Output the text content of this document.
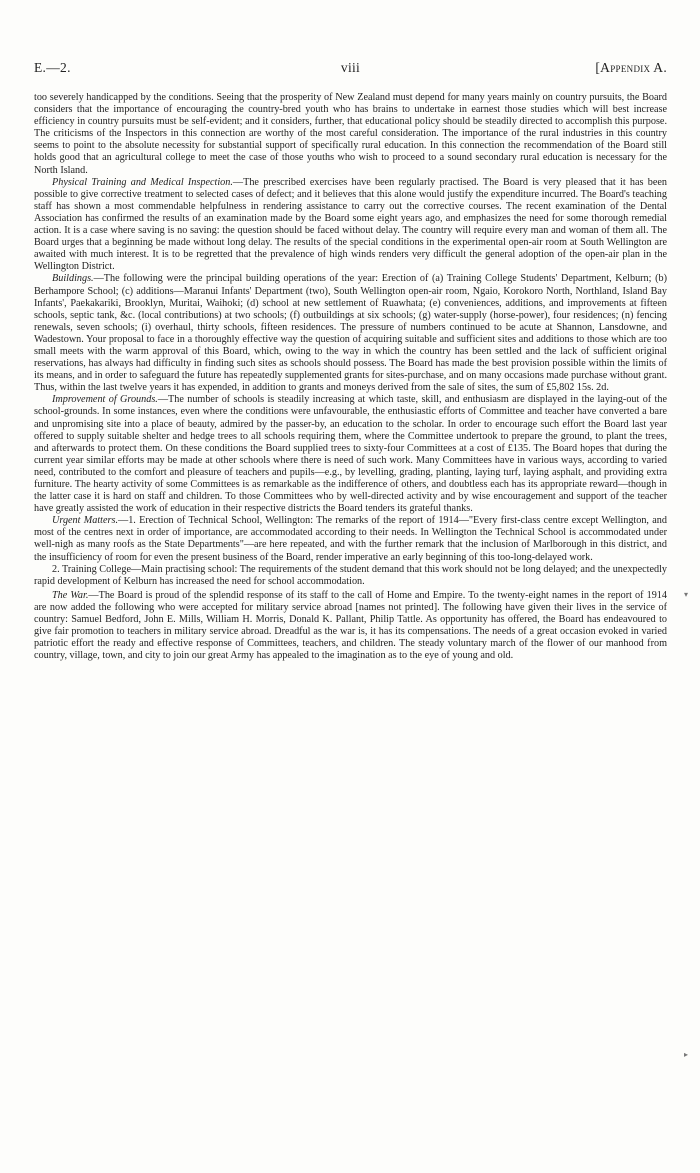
E.—2.	viii	[Appendix A.

too severely handicapped by the conditions. Seeing that the prosperity of New Zealand must depend for many years mainly on country pursuits, the Board considers that the importance of encouraging the country-bred youth who has brains to undertake in earnest those studies which will best increase efficiency in country pursuits must be self-evident; and it considers, further, that educational policy should be steadily directed to accomplish this purpose. The criticisms of the Inspectors in this connection are worthy of the most careful consideration. The importance of the rural industries in this country seems to point to the absolute necessity for substantial support of specifically rural education. In this connection the recommendation of the Board still holds good that an agricultural college to meet the case of those youths who wish to proceed to a sound secondary rural education is necessary for the North Island.

Physical Training and Medical Inspection.—The prescribed exercises have been regularly practised. The Board is very pleased that it has been possible to give corrective treatment to selected cases of defect; and it believes that this alone would justify the expenditure incurred. The Board's teaching staff has shown a most commendable helpfulness in rendering assistance to carry out the corrective courses. The recent examination of the Dental Association has confirmed the results of an examination made by the Board some eight years ago, and emphasizes the need for some thorough remedial action. It is a case where saving is no saving: the question should be faced without delay. The country will require every man and woman of them all. The Board urges that a beginning be made without long delay. The results of the special conditions in the experimental open-air room at South Wellington are awaited with much interest. It is to be regretted that the prevalence of high winds renders very difficult the general adoption of the open-air plan in the Wellington District.

Buildings.—The following were the principal building operations of the year: Erection of (a) Training College Students' Department, Kelburn; (b) Berhampore School; (c) additions—Maranui Infants' Department (two), South Wellington open-air room, Ngaio, Korokoro North, Northland, Island Bay Infants', Paekakariki, Brooklyn, Muritai, Waihoki; (d) school at new settlement of Ruawhata; (e) conveniences, additions, and improvements at fifteen schools, septic tank, &c. (local contributions) at two schools; (f) outbuildings at six schools; (g) water-supply (horse-power), four residences; (n) fencing renewals, seven schools; (i) overhaul, thirty schools, fifteen residences. The pressure of numbers continued to be acute at Shannon, Lansdowne, and Wadestown. Your proposal to face in a thoroughly effective way the question of acquiring suitable and sufficient sites and additions to those which are too small meets with the warm approval of this Board, which, owing to the way in which the country has been settled and the lack of sufficient original reservations, has always had difficulty in finding such sites as schools should possess. The Board has made the best provision possible within the limits of its means, and in order to safeguard the future has repeatedly supplemented grants for sites-purchase, and on many occasions made purchase without grant. Thus, within the last twelve years it has expended, in addition to grants and moneys derived from the sale of sites, the sum of £5,802 15s. 2d.

Improvement of Grounds.—The number of schools is steadily increasing at which taste, skill, and enthusiasm are displayed in the laying-out of the school-grounds. In some instances, even where the conditions were unfavourable, the enthusiastic efforts of Committee and teacher have converted a bare and unpromising site into a place of beauty, admired by the passer-by, an education to the scholar. In order to encourage such effort the Board last year offered to supply suitable shelter and hedge trees to all schools requiring them, where the Committee undertook to prepare the ground, to plant the trees, and afterwards to protect them. On these conditions the Board supplied trees to sixty-four Committees at a cost of £135. The Board hopes that during the current year similar efforts may be made at other schools where there is need of such work. Many Committees have in various ways, according to varied need, contributed to the comfort and pleasure of teachers and pupils—e.g., by levelling, grading, planting, laying turf, laying asphalt, and providing extra furniture. The hearty activity of some Committees is as remarkable as the indifference of others, and doubtless each has its appropriate reward—though in the latter case it is hard on staff and children. To those Committees who by well-directed activity and by wise encouragement and support of the teacher have greatly assisted the work of education in their respective districts the Board tenders its grateful thanks.

Urgent Matters.—1. Erection of Technical School, Wellington: The remarks of the report of 1914—"Every first-class centre except Wellington, and most of the centres next in order of importance, are accommodated according to their needs. In Wellington the Technical School is accommodated under well-nigh as many roofs as the State Departments"—are here repeated, and with the further remark that the inclusion of Marlborough in this district, and the insufficiency of room for even the present business of the Board, render imperative an early beginning of this too-long-delayed work.

2. Training College—Main practising school: The requirements of the student demand that this work should not be long delayed; and the unexpectedly rapid development of Kelburn has increased the need for school accommodation.

The War.—The Board is proud of the splendid response of its staff to the call of Home and Empire. To the twenty-eight names in the report of 1914 are now added the following who were accepted for military service abroad [names not printed]. The following have given their lives in the service of country: Samuel Bedford, John E. Mills, William H. Morris, Donald K. Pallant, Philip Tattle. As opportunity has offered, the Board has endeavoured to give fair promotion to teachers in military service abroad. Dreadful as the war is, it has its compensations. The needs of a great occasion evoked in varied patriotic effort the ready and effective response of Committees, teachers, and children. The steady voluntary march of the flower of our manhood from country, village, town, and city to join our great Army has appealed to the imagination as to the eye of young and old.

▾
▸
